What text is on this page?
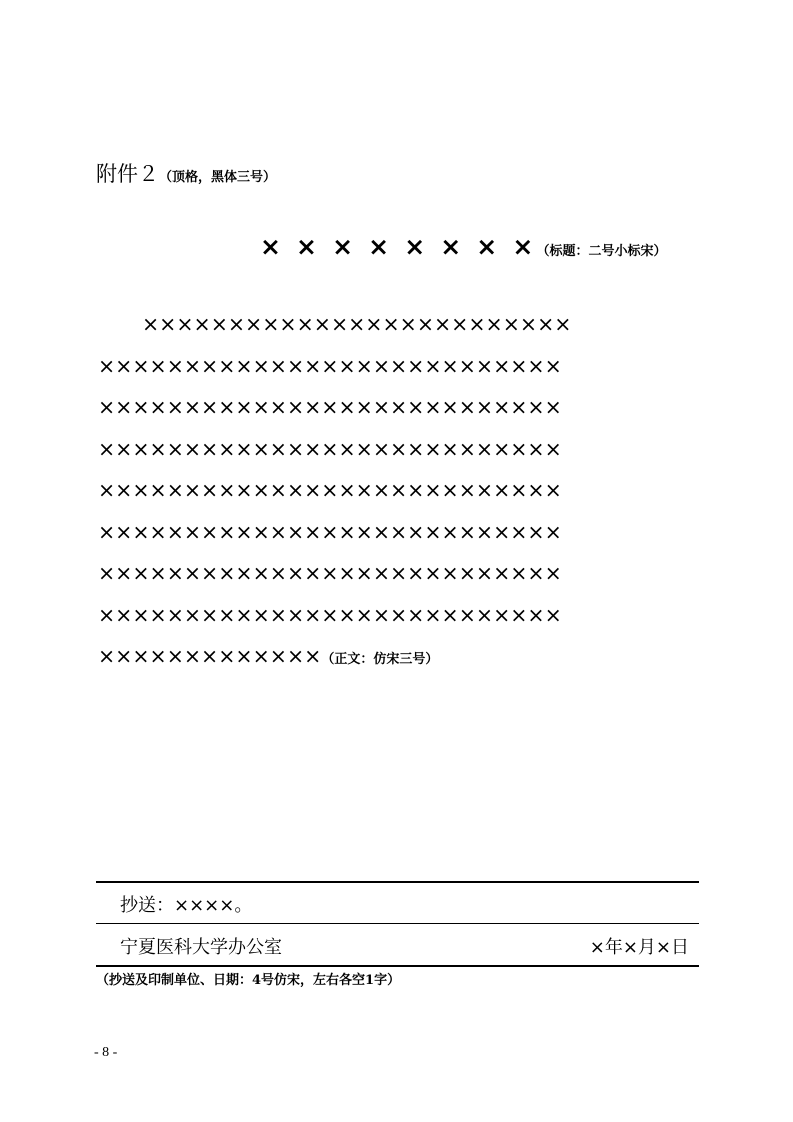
附件２（顶格，黑体三号）
× × × × × × × ×（标题：二号小标宋）
×××××××××××××××××××××××××
×××××××××××××××××××××××××××
×××××××××××××××××××××××××××
×××××××××××××××××××××××××××
×××××××××××××××××××××××××××
×××××××××××××××××××××××××××
×××××××××××××××××××××××××××
×××××××××××××××××××××××××××
×××××××××××××（正文：仿宋三号）
抄送：××××。
宁夏医科大学办公室	×年×月×日
（抄送及印制单位、日期：4号仿宋，左右各空1字）
- 8 -
